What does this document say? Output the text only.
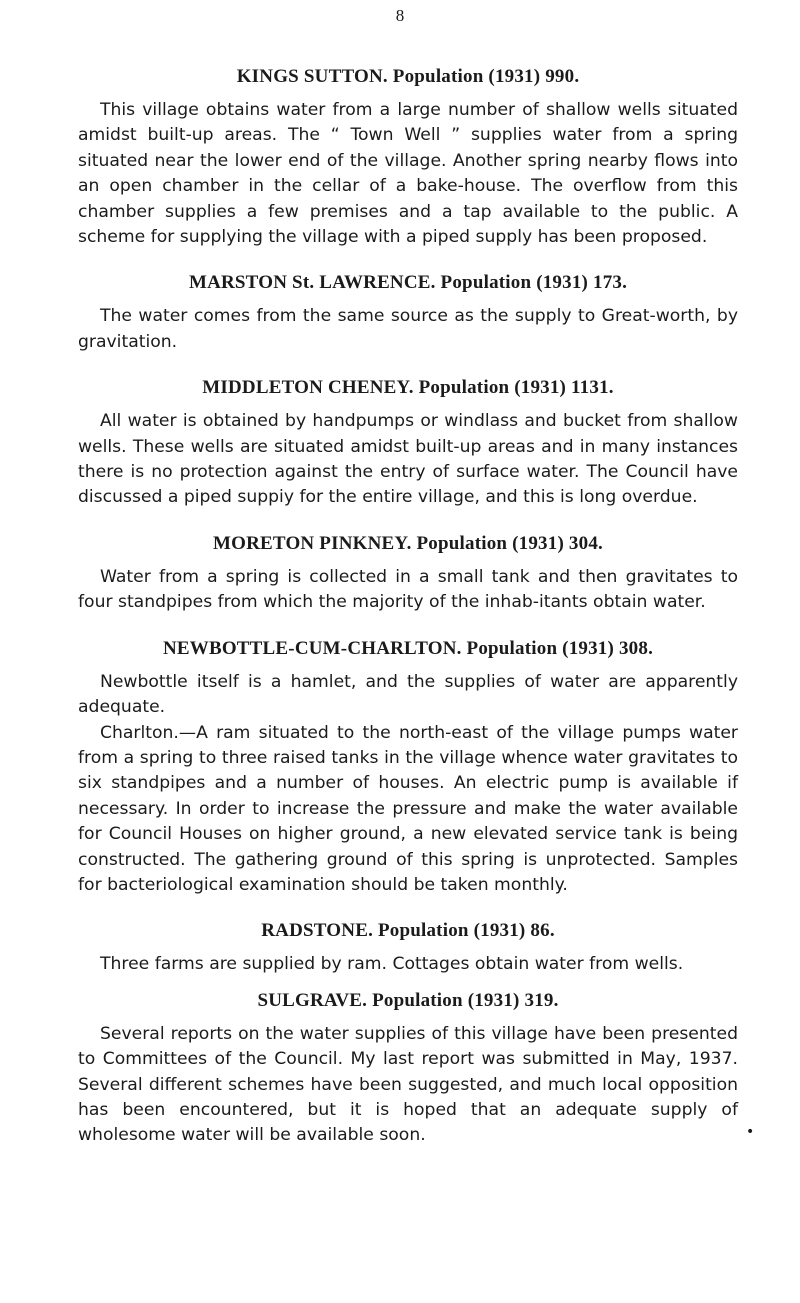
8
KINGS SUTTON. Population (1931) 990.

This village obtains water from a large number of shallow wells situated amidst built-up areas. The “ Town Well ” supplies water from a spring situated near the lower end of the village. Another spring nearby flows into an open chamber in the cellar of a bake-house. The overflow from this chamber supplies a few premises and a tap available to the public. A scheme for supplying the village with a piped supply has been proposed.

MARSTON St. LAWRENCE. Population (1931) 173.

The water comes from the same source as the supply to Great-worth, by gravitation.

MIDDLETON CHENEY. Population (1931) 1131.

All water is obtained by handpumps or windlass and bucket from shallow wells. These wells are situated amidst built-up areas and in many instances there is no protection against the entry of surface water. The Council have discussed a piped suppiy for the entire village, and this is long overdue.

MORETON PINKNEY. Population (1931) 304.

Water from a spring is collected in a small tank and then gravitates to four standpipes from which the majority of the inhab-itants obtain water.

NEWBOTTLE-CUM-CHARLTON. Population (1931) 308.

Newbottle itself is a hamlet, and the supplies of water are apparently adequate.

Charlton.—A ram situated to the north-east of the village pumps water from a spring to three raised tanks in the village whence water gravitates to six standpipes and a number of houses. An electric pump is available if necessary. In order to increase the pressure and make the water available for Council Houses on higher ground, a new elevated service tank is being constructed. The gathering ground of this spring is unprotected. Samples for bacteriological examination should be taken monthly.

RADSTONE. Population (1931) 86.

Three farms are supplied by ram. Cottages obtain water from wells.

SULGRAVE. Population (1931) 319.

Several reports on the water supplies of this village have been presented to Committees of the Council. My last report was submitted in May, 1937. Several different schemes have been suggested, and much local opposition has been encountered, but it is hoped that an adequate supply of wholesome water will be available soon.	•
